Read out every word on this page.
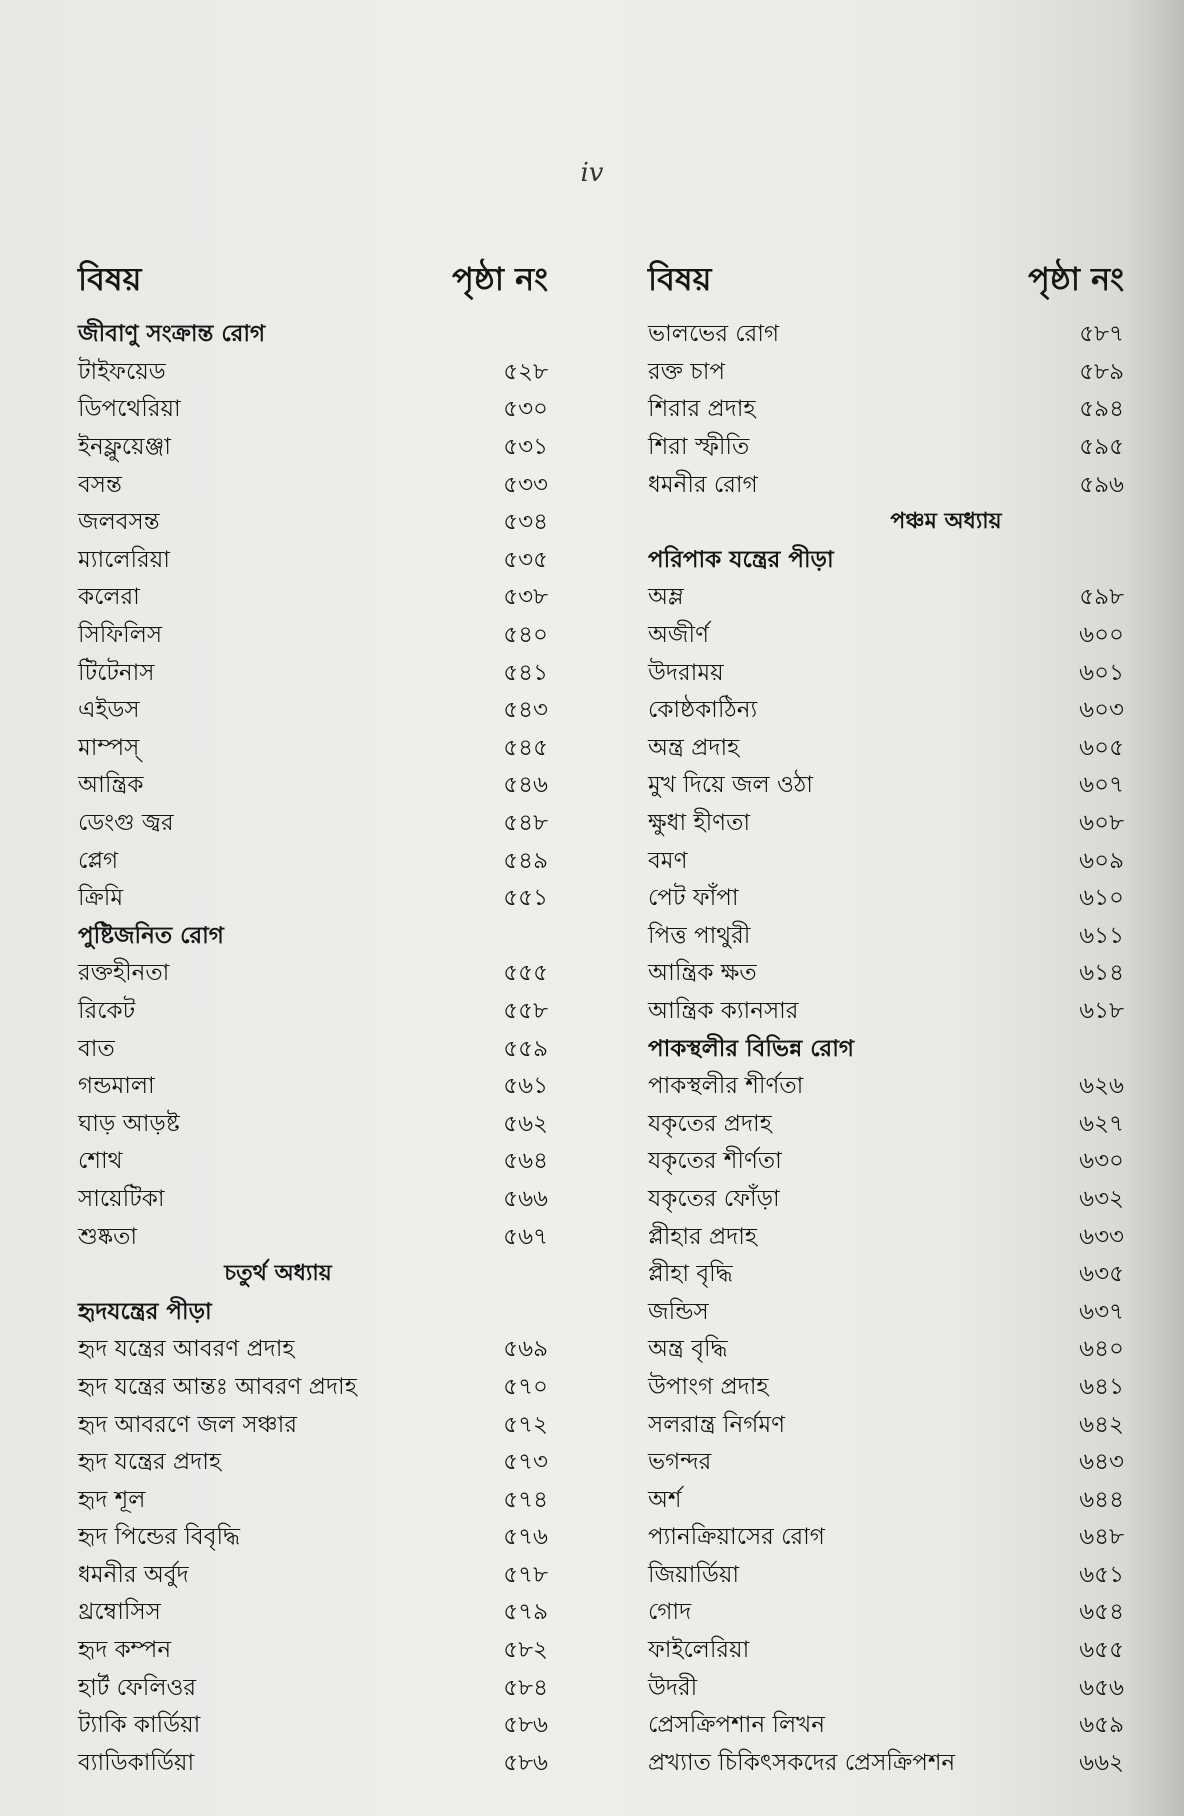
iv
বিষয়	পৃষ্ঠা নং
জীবাণু সংক্রান্ত রোগ
টাইফয়েড	৫২৮
ডিপথেরিয়া	৫৩০
ইনফ্লুয়েঞ্জা	৫৩১
বসন্ত	৫৩৩
জলবসন্ত	৫৩৪
ম্যালেরিয়া	৫৩৫
কলেরা	৫৩৮
সিফিলিস	৫৪০
টিটেনাস	৫৪১
এইডস	৫৪৩
মাম্পস্	৫৪৫
আন্ত্রিক	৫৪৬
ডেংগু জ্বর	৫৪৮
প্লেগ	৫৪৯
ক্রিমি	৫৫১
পুষ্টিজনিত রোগ
রক্তহীনতা	৫৫৫
রিকেট	৫৫৮
বাত	৫৫৯
গন্ডমালা	৫৬১
ঘাড় আড়ষ্ট	৫৬২
শোথ	৫৬৪
সায়েটিকা	৫৬৬
শুষ্কতা	৫৬৭
চতুর্থ অধ্যায়
হৃদযন্ত্রের পীড়া
হৃদ যন্ত্রের আবরণ প্রদাহ	৫৬৯
হৃদ যন্ত্রের আন্তঃ আবরণ প্রদাহ	৫৭০
হৃদ আবরণে জল সঞ্চার	৫৭২
হৃদ যন্ত্রের প্রদাহ	৫৭৩
হৃদ শূল	৫৭৪
হৃদ পিন্ডের বিবৃদ্ধি	৫৭৬
ধমনীর অর্বুদ	৫৭৮
থ্রম্বোসিস	৫৭৯
হৃদ কম্পন	৫৮২
হার্ট ফেলিওর	৫৮৪
ট্যাকি কার্ডিয়া	৫৮৬
ব্যাডিকার্ডিয়া	৫৮৬
বিষয়	পৃষ্ঠা নং
ভালভের রোগ	৫৮৭
রক্ত চাপ	৫৮৯
শিরার প্রদাহ	৫৯৪
শিরা স্ফীতি	৫৯৫
ধমনীর রোগ	৫৯৬
পঞ্চম অধ্যায়
পরিপাক যন্ত্রের পীড়া
অম্ল	৫৯৮
অজীর্ণ	৬০০
উদরাময়	৬০১
কোষ্ঠকাঠিন্য	৬০৩
অন্ত্র প্রদাহ	৬০৫
মুখ দিয়ে জল ওঠা	৬০৭
ক্ষুধা হীণতা	৬০৮
বমণ	৬০৯
পেট ফাঁপা	৬১০
পিত্ত পাথুরী	৬১১
আন্ত্রিক ক্ষত	৬১৪
আন্ত্রিক ক্যানসার	৬১৮
পাকস্থলীর বিভিন্ন রোগ
পাকস্থলীর শীর্ণতা	৬২৬
যকৃতের প্রদাহ	৬২৭
যকৃতের শীর্ণতা	৬৩০
যকৃতের ফোঁড়া	৬৩২
প্লীহার প্রদাহ	৬৩৩
প্লীহা বৃদ্ধি	৬৩৫
জন্ডিস	৬৩৭
অন্ত্র বৃদ্ধি	৬৪০
উপাংগ প্রদাহ	৬৪১
সলরান্ত্র নির্গমণ	৬৪২
ভগন্দর	৬৪৩
অর্শ	৬৪৪
প্যানক্রিয়াসের রোগ	৬৪৮
জিয়ার্ডিয়া	৬৫১
গোদ	৬৫৪
ফাইলেরিয়া	৬৫৫
উদরী	৬৫৬
প্রেসক্রিপশান লিখন	৬৫৯
প্রখ্যাত চিকিৎসকদের প্রেসক্রিপশন	৬৬২
